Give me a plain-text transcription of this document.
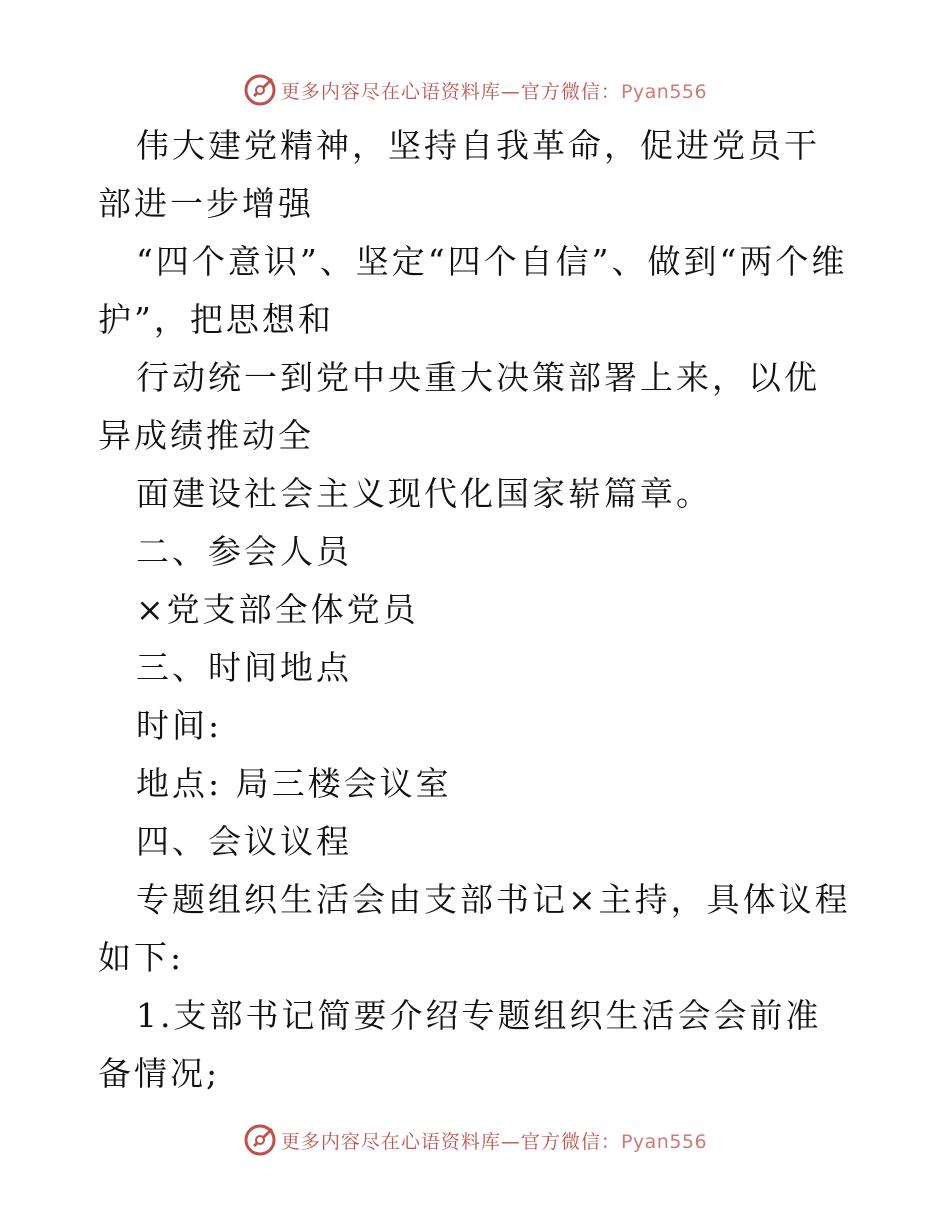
更多内容尽在心语资料库—官方微信：Pyan556

伟大建党精神，坚持自我革命，促进党员干部进一步增强

“四个意识”、坚定“四个自信”、做到“两个维护”，把思想和

行动统一到党中央重大决策部署上来，以优异成绩推动全

面建设社会主义现代化国家崭篇章。

二、参会人员

×党支部全体党员

三、时间地点

时间:

地点: 局三楼会议室

四、会议议程

专题组织生活会由支部书记×主持，具体议程如下:

1.支部书记简要介绍专题组织生活会会前准备情况;

更多内容尽在心语资料库—官方微信：Pyan556
